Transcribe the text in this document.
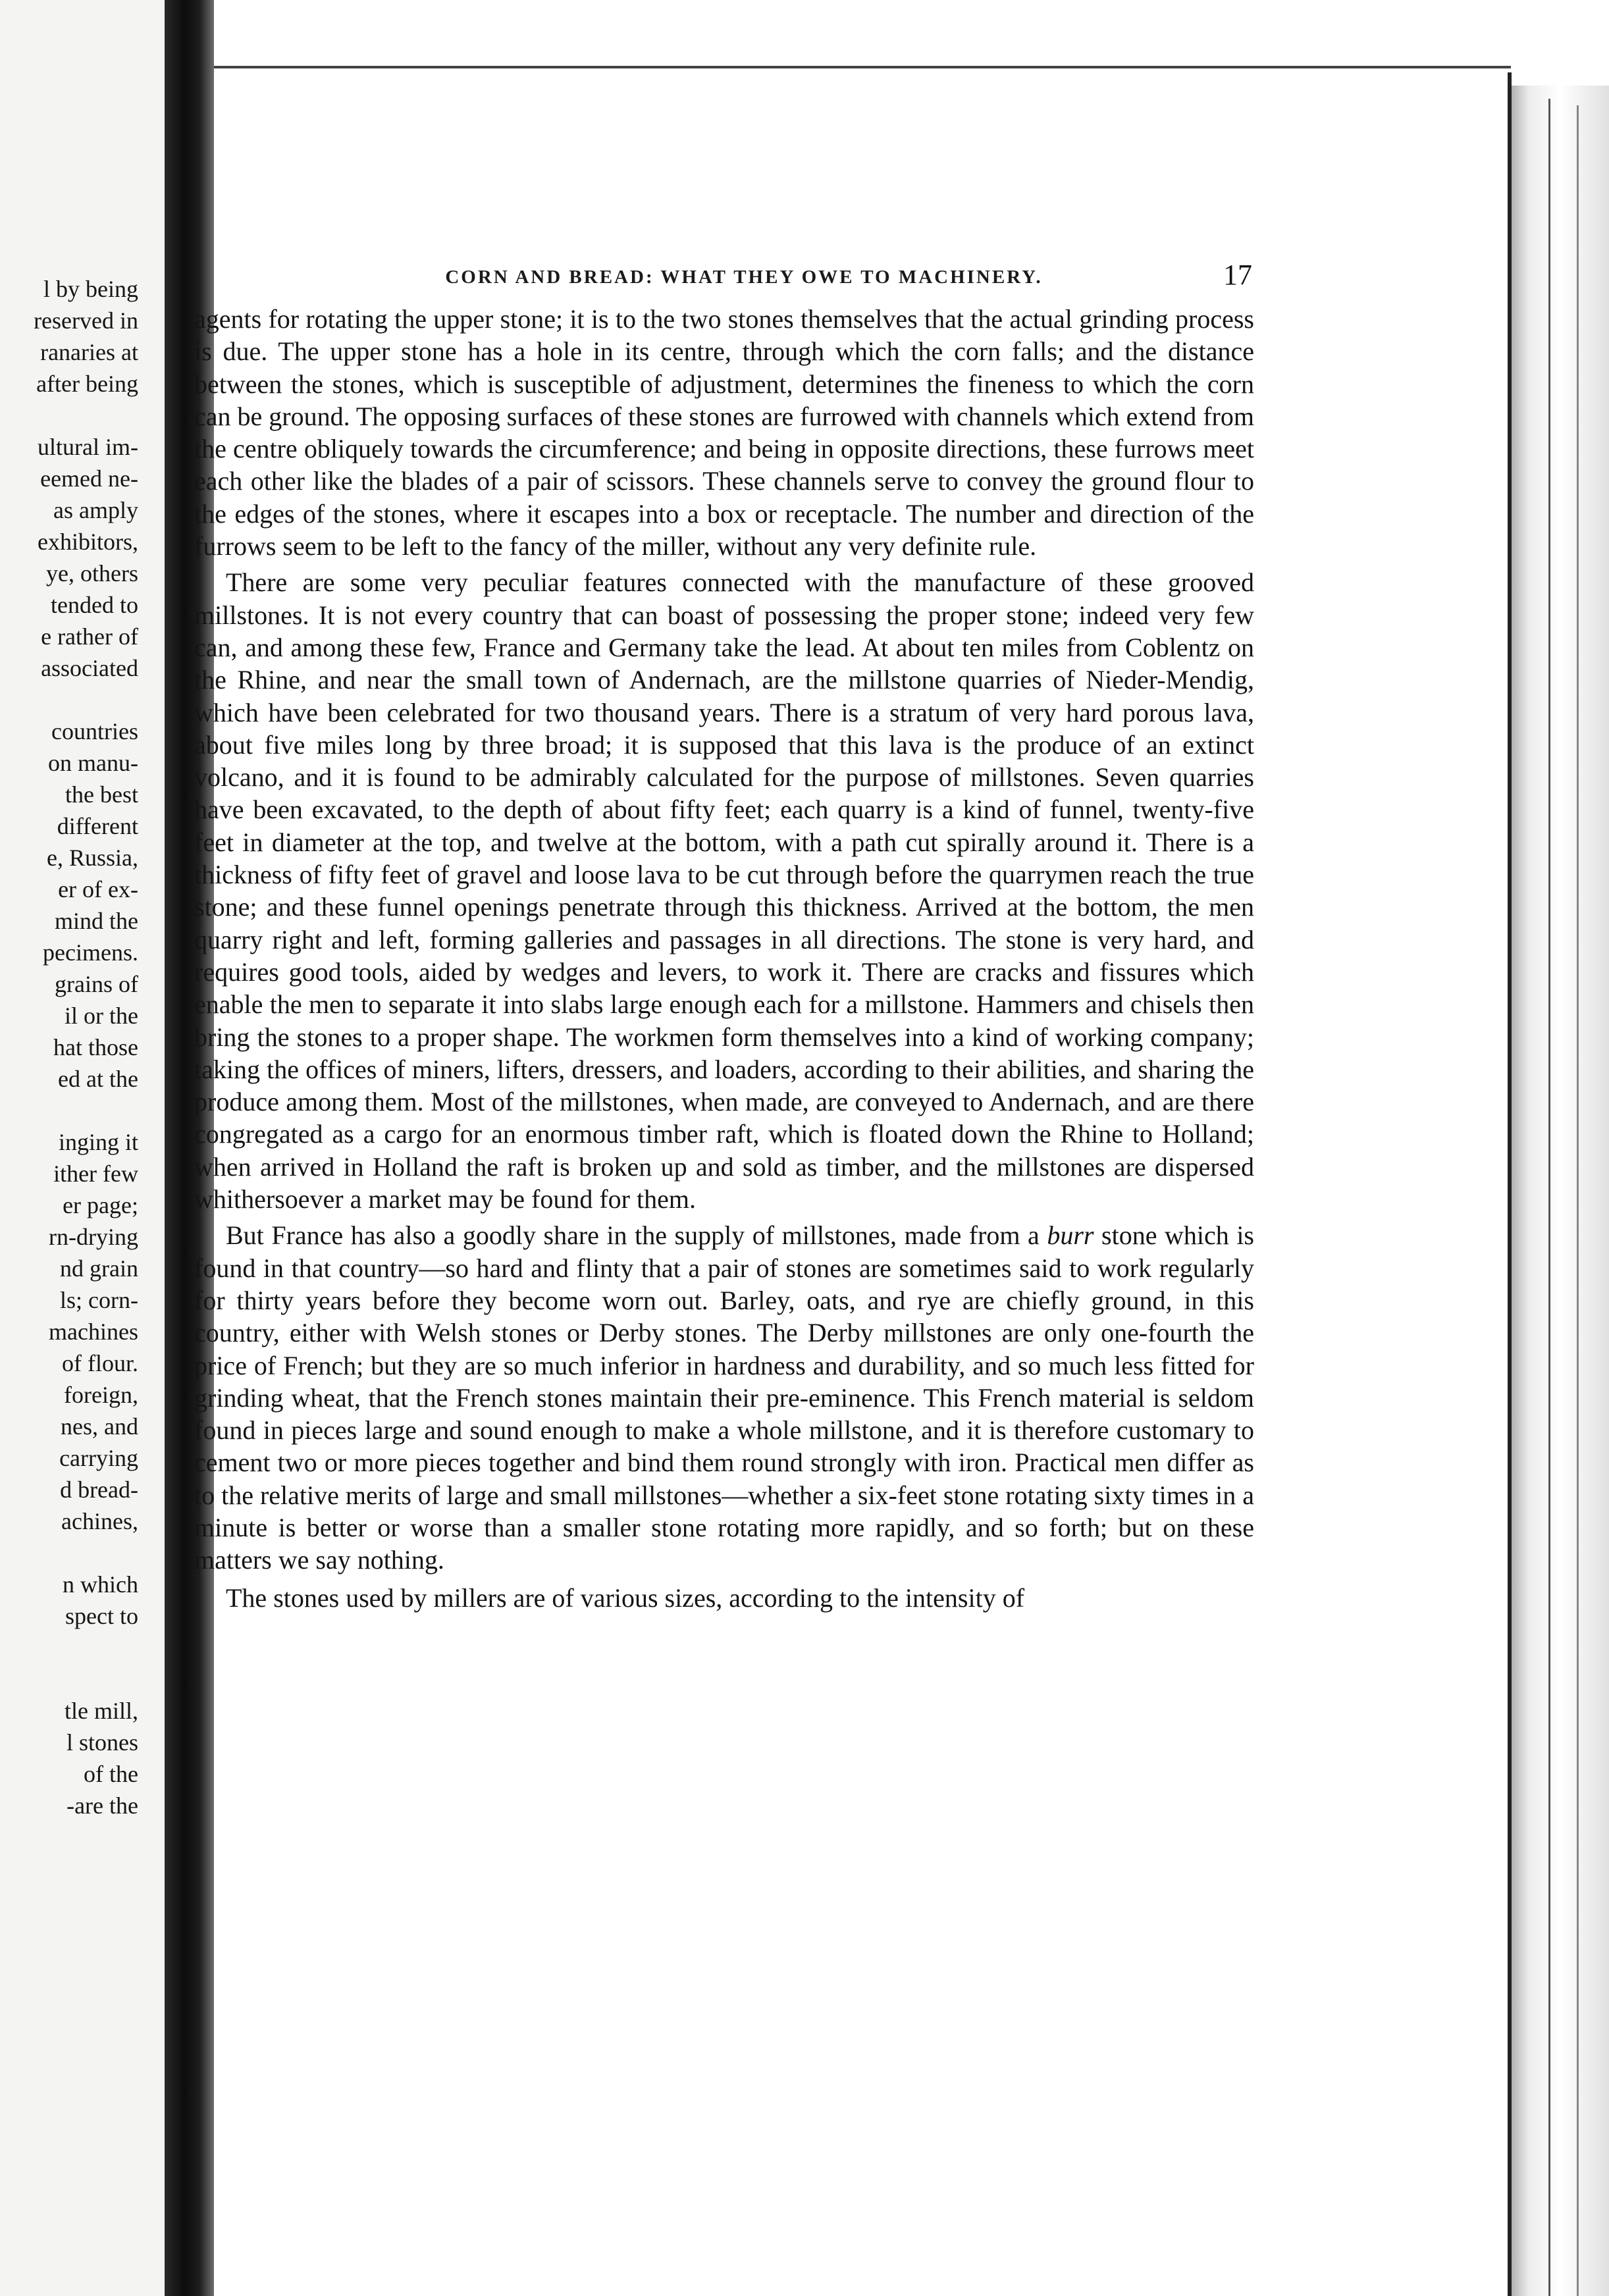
l by being
reserved in
ranaries at
after being
ultural im-
eemed ne-
as amply
exhibitors,
ye, others
tended to
e rather of
associated
countries
on manu-
the best
different
e, Russia,
er of ex-
mind the
pecimens.
grains of
il or the
hat those
ed at the
inging it
ither few
er page;
rn-drying
nd grain
ls; corn-
machines
of flour.
foreign,
nes, and
carrying
d bread-
achines,
n which
spect to
tle mill,
l stones
of the
-are the
CORN AND BREAD: WHAT THEY OWE TO MACHINERY.	17

agents for rotating the upper stone; it is to the two stones themselves that the actual grinding process is due. The upper stone has a hole in its centre, through which the corn falls; and the distance between the stones, which is susceptible of adjustment, determines the fineness to which the corn can be ground. The opposing surfaces of these stones are furrowed with channels which extend from the centre obliquely towards the circumference; and being in opposite directions, these furrows meet each other like the blades of a pair of scissors. These channels serve to convey the ground flour to the edges of the stones, where it escapes into a box or receptacle. The number and direction of the furrows seem to be left to the fancy of the miller, without any very definite rule.

There are some very peculiar features connected with the manufacture of these grooved millstones. It is not every country that can boast of possessing the proper stone; indeed very few can, and among these few, France and Germany take the lead. At about ten miles from Coblentz on the Rhine, and near the small town of Andernach, are the millstone quarries of Nieder-Mendig, which have been celebrated for two thousand years. There is a stratum of very hard porous lava, about five miles long by three broad; it is supposed that this lava is the produce of an extinct volcano, and it is found to be admirably calculated for the purpose of millstones. Seven quarries have been excavated, to the depth of about fifty feet; each quarry is a kind of funnel, twenty-five feet in diameter at the top, and twelve at the bottom, with a path cut spirally around it. There is a thickness of fifty feet of gravel and loose lava to be cut through before the quarrymen reach the true stone; and these funnel openings penetrate through this thickness. Arrived at the bottom, the men quarry right and left, forming galleries and passages in all directions. The stone is very hard, and requires good tools, aided by wedges and levers, to work it. There are cracks and fissures which enable the men to separate it into slabs large enough each for a millstone. Hammers and chisels then bring the stones to a proper shape. The workmen form themselves into a kind of working company; taking the offices of miners, lifters, dressers, and loaders, according to their abilities, and sharing the produce among them. Most of the millstones, when made, are conveyed to Andernach, and are there congregated as a cargo for an enormous timber raft, which is floated down the Rhine to Holland; when arrived in Holland the raft is broken up and sold as timber, and the millstones are dispersed whithersoever a market may be found for them.

But France has also a goodly share in the supply of millstones, made from a burr stone which is found in that country—so hard and flinty that a pair of stones are sometimes said to work regularly for thirty years before they become worn out. Barley, oats, and rye are chiefly ground, in this country, either with Welsh stones or Derby stones. The Derby millstones are only one-fourth the price of French; but they are so much inferior in hardness and durability, and so much less fitted for grinding wheat, that the French stones maintain their pre-eminence. This French material is seldom found in pieces large and sound enough to make a whole millstone, and it is therefore customary to cement two or more pieces together and bind them round strongly with iron. Practical men differ as to the relative merits of large and small millstones—whether a six-feet stone rotating sixty times in a minute is better or worse than a smaller stone rotating more rapidly, and so forth; but on these matters we say nothing.

The stones used by millers are of various sizes, according to the intensity of
